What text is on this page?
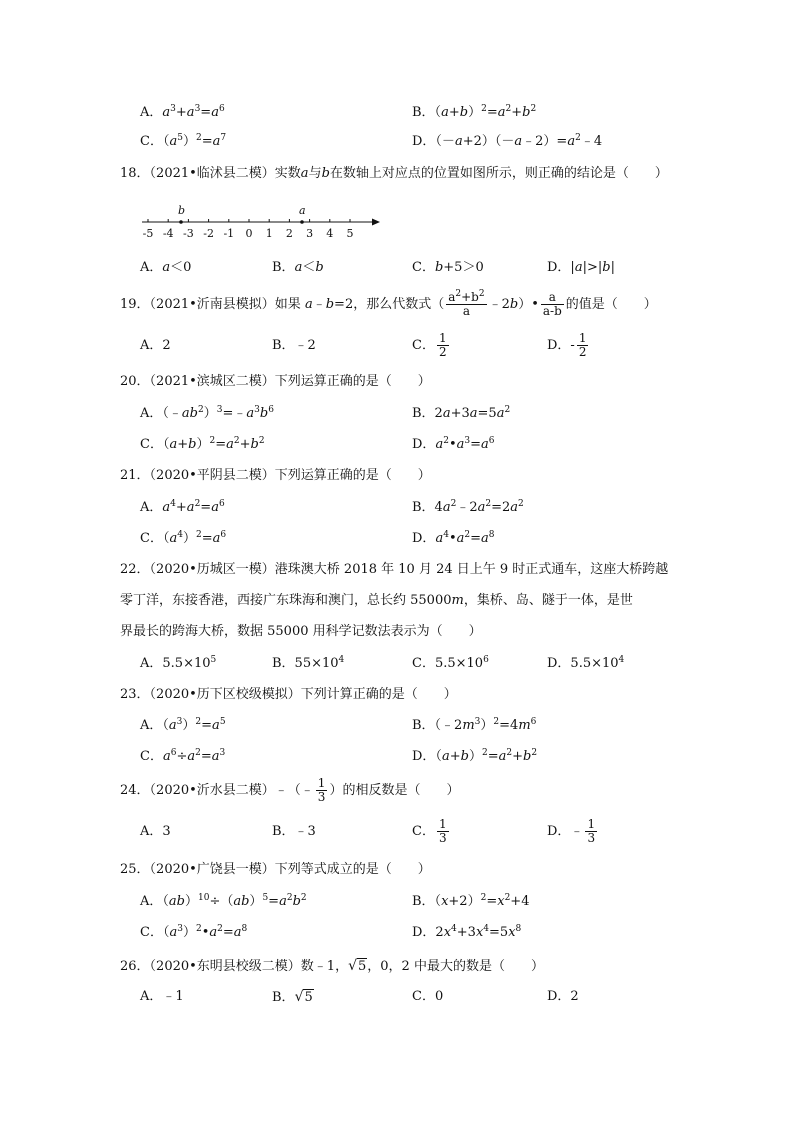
A．$a^3+a^3=a^6$	B．$(a+b)^2=a^2+b^2$
C．$(a^5)^2=a^7$	D．$(-a+2)(-a﹣2)=a^2﹣4$
18．（2021•临沭县二模）实数a与b在数轴上对应点的位置如图所示，则正确的结论是（　　）
-5 -4 -3 -2 -1 0 1 2 3 4 5
b	a
A．a＜0	B．a＜b	C．b+5＞0	D．|a|>|b|
19．（2021•沂南县模拟）如果 a﹣b=2，那么代数式（ $\frac{a^2+b^2}{a}$ ﹣2b）• $\frac{a}{a-b}$ 的值是（　　）
A．2	B．﹣2	C． $\frac{1}{2}$	D．- $\frac{1}{2}$
20．（2021•滨城区二模）下列运算正确的是（　　）
A．$(﹣ab^2)^3=﹣a^3b^6$	B．$2a+3a=5a^2$
C．$(a+b)^2=a^2+b^2$	D．$a^2•a^3=a^6$
21．（2020•平阴县二模）下列运算正确的是（　　）
A．$a^4+a^2=a^6$	B．$4a^2﹣2a^2=2a^2$
C．$(a^4)^2=a^6$	D．$a^4•a^2=a^8$
22．（2020•历城区一模）港珠澳大桥 2018 年 10 月 24 日上午 9 时正式通车，这座大桥跨越
零丁洋，东接香港，西接广东珠海和澳门，总长约 55000m，集桥、岛、隧于一体，是世
界最长的跨海大桥，数据 55000 用科学记数法表示为（　　）
A．$5.5\times 10^5$	B．$55\times 10^4$	C．$5.5\times 10^6$	D．$5.5\times 10^4$
23．（2020•历下区校级模拟）下列计算正确的是（　　）
A．$(a^3)^2=a^5$	B．$(﹣2m^3)^2=4m^6$
C．$a^6\div a^2=a^3$	D．$(a+b)^2=a^2+b^2$
24．（2020•沂水县二模）﹣（﹣ $\frac{1}{3}$ ）的相反数是（　　）
A．3	B．﹣3	C． $\frac{1}{3}$	D．﹣ $\frac{1}{3}$
25．（2020•广饶县一模）下列等式成立的是（　　）
A．$(ab)^{10}\div(ab)^5=a^2b^2$	B．$(x+2)^2=x^2+4$
C．$(a^3)^2•a^2=a^8$	D．$2x^4+3x^4=5x^8$
26．（2020•东明县校级二模）数﹣1，√5，0，2 中最大的数是（　　）
A．﹣1	B．√5	C．0	D．2
